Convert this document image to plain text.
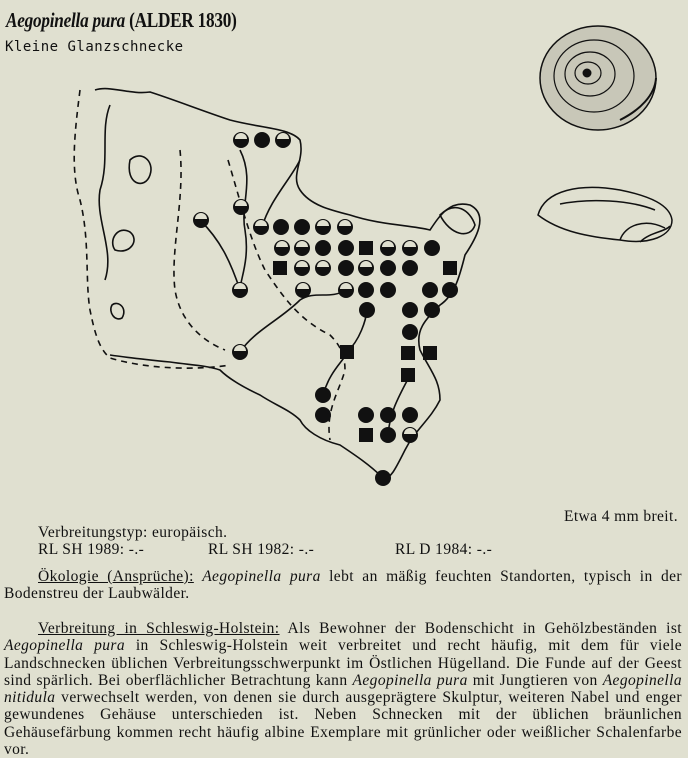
Aegopinella pura (ALDER 1830)
Kleine Glanzschnecke
Etwa 4 mm breit.
Verbreitungstyp: europäisch.
RL SH 1989: -.-	RL SH 1982: -.-	RL D 1984: -.-
Ökologie (Ansprüche): Aegopinella pura lebt an mäßig feuchten Standorten, typisch in der Bodenstreu der Laubwälder.
Verbreitung in Schleswig-Holstein: Als Bewohner der Bodenschicht in Gehölzbeständen ist Aegopinella pura in Schleswig-Holstein weit verbreitet und recht häufig, mit dem für viele Landschnecken üblichen Verbreitungsschwerpunkt im Östlichen Hügelland. Die Funde auf der Geest sind spärlich. Bei oberflächlicher Betrachtung kann Aegopinella pura mit Jungtieren von Aegopinella nitidula verwechselt werden, von denen sie durch ausgeprägtere Skulptur, weiteren Nabel und enger gewundenes Gehäuse unterschieden ist. Neben Schnecken mit der üblichen bräunlichen Gehäusefärbung kommen recht häufig albine Exemplare mit grünlicher oder weißlicher Schalenfarbe vor.
